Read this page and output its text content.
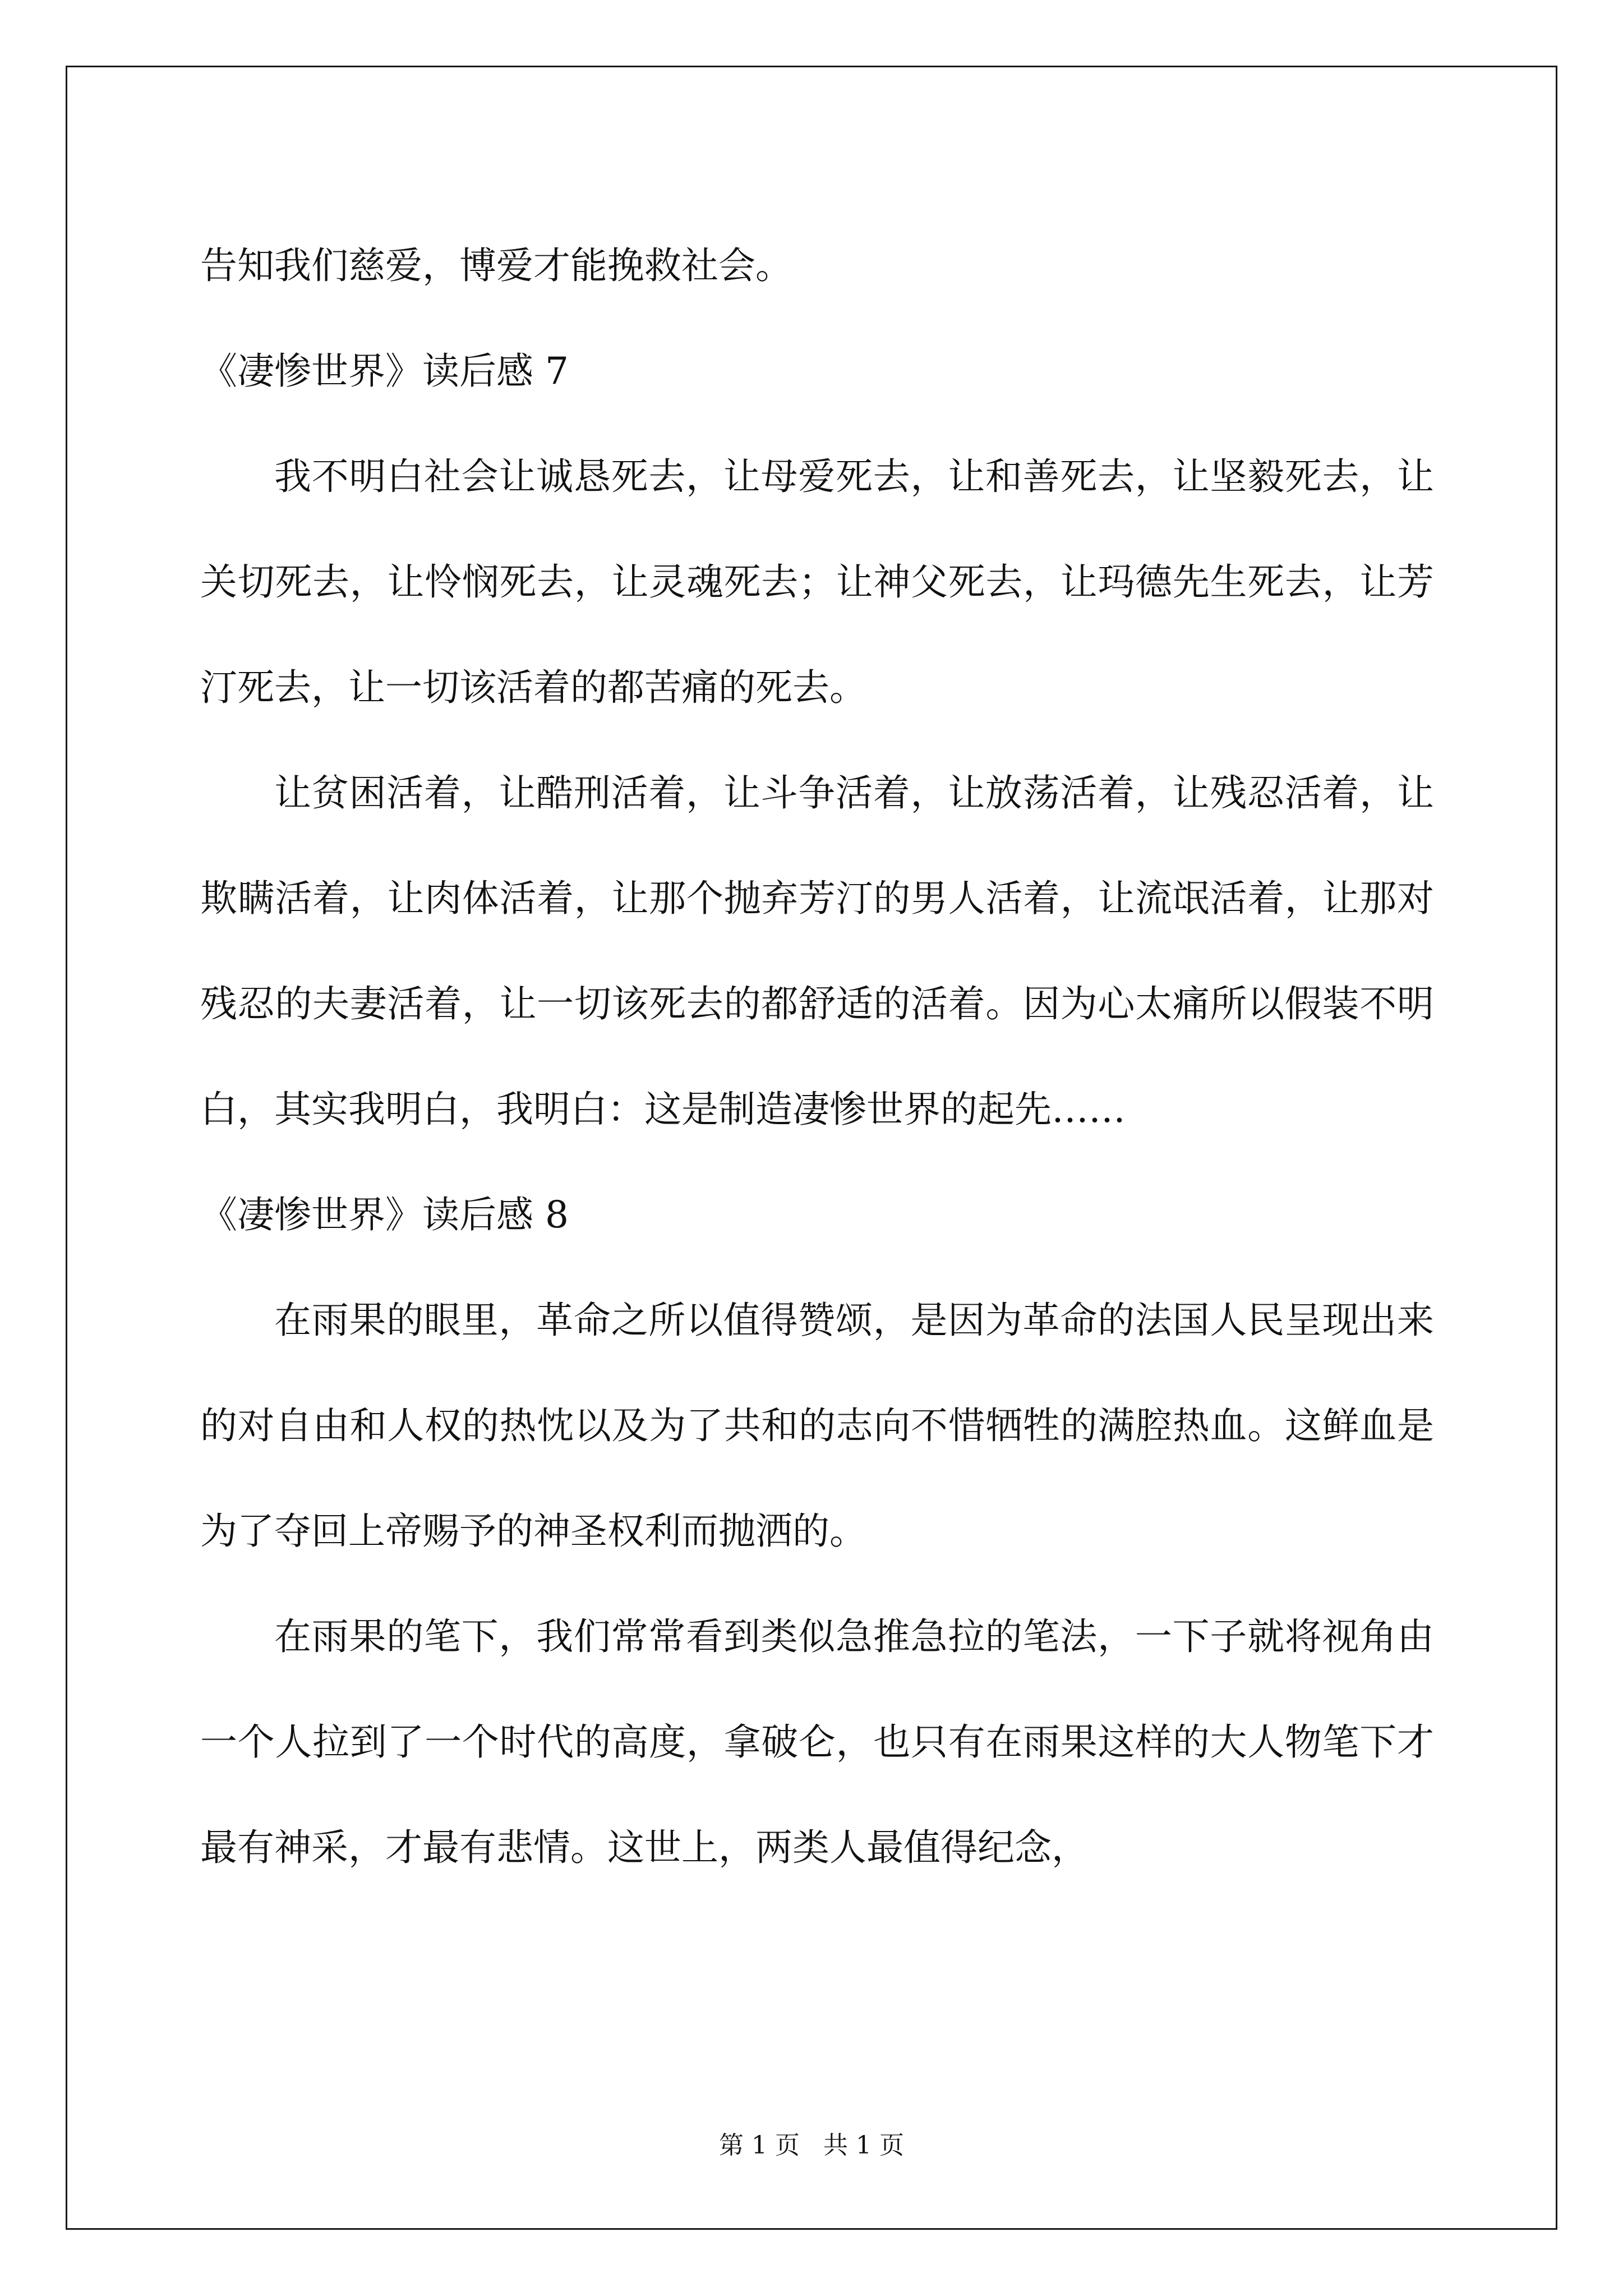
告知我们慈爱，博爱才能挽救社会。
《凄惨世界》读后感 7

我不明白社会让诚恳死去，让母爱死去，让和善死去，让坚毅死去，让关切死去，让怜悯死去，让灵魂死去；让神父死去，让玛德先生死去，让芳汀死去，让一切该活着的都苦痛的死去。

让贫困活着，让酷刑活着，让斗争活着，让放荡活着，让残忍活着，让欺瞒活着，让肉体活着，让那个抛弃芳汀的男人活着，让流氓活着，让那对残忍的夫妻活着，让一切该死去的都舒适的活着。因为心太痛所以假装不明白，其实我明白，我明白：这是制造凄惨世界的起先……

《凄惨世界》读后感 8

在雨果的眼里，革命之所以值得赞颂，是因为革命的法国人民呈现出来的对自由和人权的热忱以及为了共和的志向不惜牺牲的满腔热血。这鲜血是为了夺回上帝赐予的神圣权利而抛洒的。

在雨果的笔下，我们常常看到类似急推急拉的笔法，一下子就将视角由一个人拉到了一个时代的高度，拿破仑，也只有在雨果这样的大人物笔下才最有神采，才最有悲情。这世上，两类人最值得纪念，

第 1 页 共 1 页
